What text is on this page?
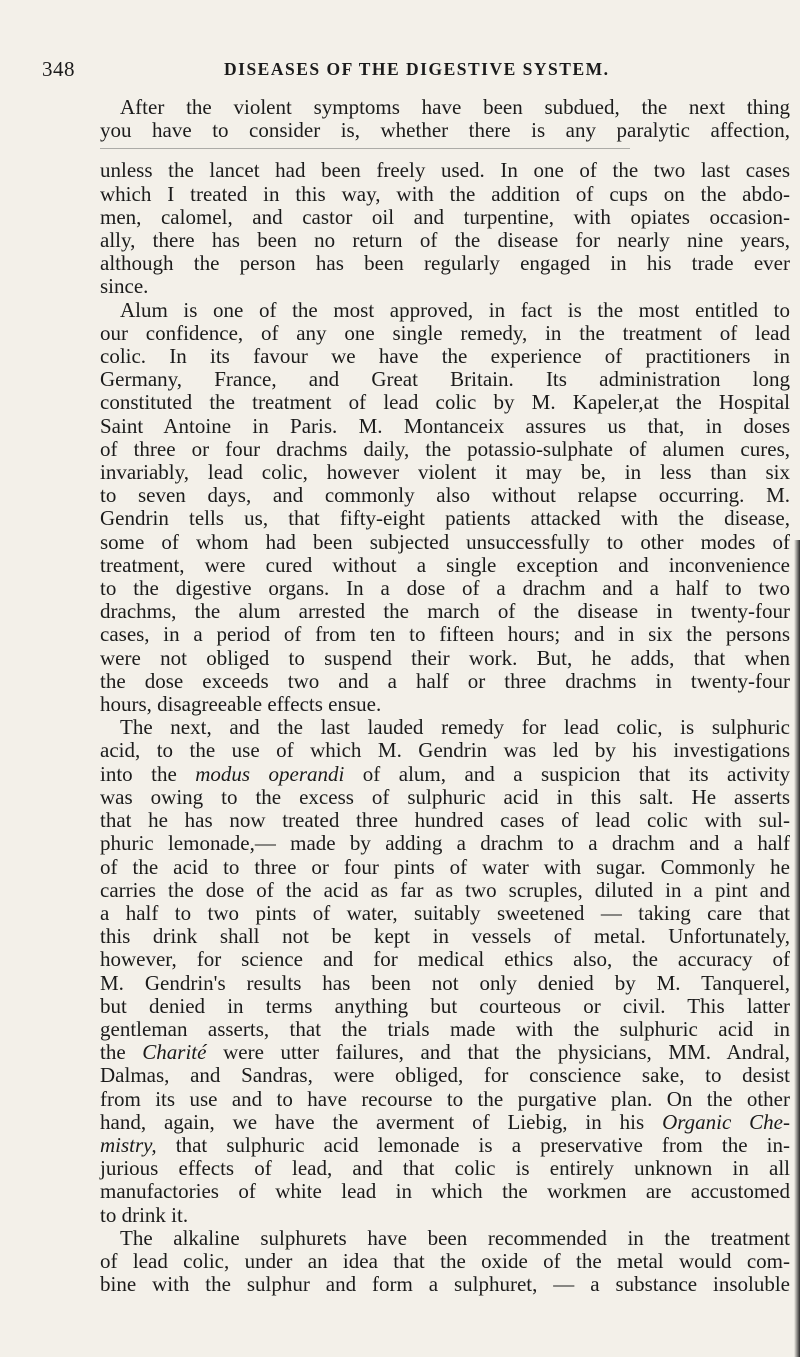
348	DISEASES OF THE DIGESTIVE SYSTEM.
After the violent symptoms have been subdued, the next thing
you have to consider is, whether there is any paralytic affection,
unless the lancet had been freely used. In one of the two last cases
which I treated in this way, with the addition of cups on the abdo-
men, calomel, and castor oil and turpentine, with opiates occasion-
ally, there has been no return of the disease for nearly nine years,
although the person has been regularly engaged in his trade ever
since.
Alum is one of the most approved, in fact is the most entitled to
our confidence, of any one single remedy, in the treatment of lead
colic. In its favour we have the experience of practitioners in
Germany, France, and Great Britain. Its administration long
constituted the treatment of lead colic by M. Kapeler,at the Hospital
Saint Antoine in Paris. M. Montanceix assures us that, in doses
of three or four drachms daily, the potassio-sulphate of alumen cures,
invariably, lead colic, however violent it may be, in less than six
to seven days, and commonly also without relapse occurring. M.
Gendrin tells us, that fifty-eight patients attacked with the disease,
some of whom had been subjected unsuccessfully to other modes of
treatment, were cured without a single exception and inconvenience
to the digestive organs. In a dose of a drachm and a half to two
drachms, the alum arrested the march of the disease in twenty-four
cases, in a period of from ten to fifteen hours; and in six the persons
were not obliged to suspend their work. But, he adds, that when
the dose exceeds two and a half or three drachms in twenty-four
hours, disagreeable effects ensue.
The next, and the last lauded remedy for lead colic, is sulphuric
acid, to the use of which M. Gendrin was led by his investigations
into the modus operandi of alum, and a suspicion that its activity
was owing to the excess of sulphuric acid in this salt. He asserts
that he has now treated three hundred cases of lead colic with sul-
phuric lemonade,— made by adding a drachm to a drachm and a half
of the acid to three or four pints of water with sugar. Commonly he
carries the dose of the acid as far as two scruples, diluted in a pint and
a half to two pints of water, suitably sweetened — taking care that
this drink shall not be kept in vessels of metal. Unfortunately,
however, for science and for medical ethics also, the accuracy of
M. Gendrin's results has been not only denied by M. Tanquerel,
but denied in terms anything but courteous or civil. This latter
gentleman asserts, that the trials made with the sulphuric acid in
the Charité were utter failures, and that the physicians, MM. Andral,
Dalmas, and Sandras, were obliged, for conscience sake, to desist
from its use and to have recourse to the purgative plan. On the other
hand, again, we have the averment of Liebig, in his Organic Che-
mistry, that sulphuric acid lemonade is a preservative from the in-
jurious effects of lead, and that colic is entirely unknown in all
manufactories of white lead in which the workmen are accustomed
to drink it.
The alkaline sulphurets have been recommended in the treatment
of lead colic, under an idea that the oxide of the metal would com-
bine with the sulphur and form a sulphuret, — a substance insoluble
